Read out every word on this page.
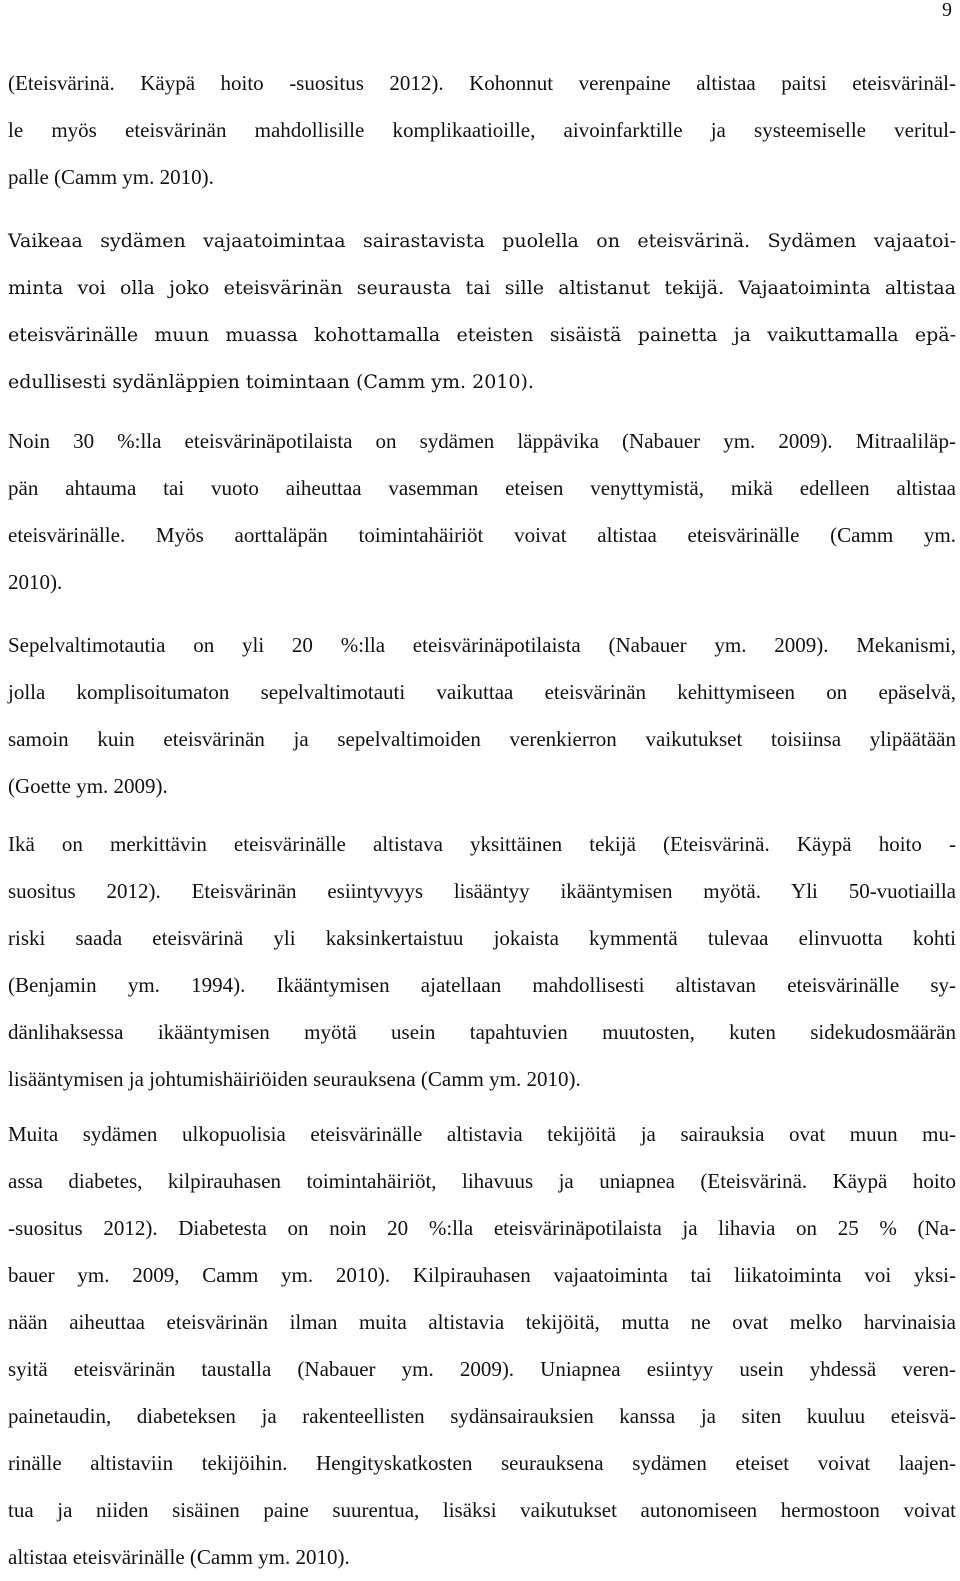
9
(Eteisvärinä. Käypä hoito -suositus 2012). Kohonnut verenpaine altistaa paitsi eteisvärinäl-
le myös eteisvärinän mahdollisille komplikaatioille, aivoinfarktille ja systeemiselle veritul-
palle (Camm ym. 2010).
Vaikeaa sydämen vajaatoimintaa sairastavista puolella on eteisvärinä. Sydämen vajaatoi-
minta voi olla joko eteisvärinän seurausta tai sille altistanut tekijä. Vajaatoiminta altistaa
eteisvärinälle muun muassa kohottamalla eteisten sisäistä painetta ja vaikuttamalla epä-
edullisesti sydänläppien toimintaan (Camm ym. 2010).
Noin 30 %:lla eteisvärinäpotilaista on sydämen läppävika (Nabauer ym. 2009). Mitraaliläp-
pän ahtauma tai vuoto aiheuttaa vasemman eteisen venyttymistä, mikä edelleen altistaa
eteisvärinälle. Myös aorttaläpän toimintahäiriöt voivat altistaa eteisvärinälle (Camm ym.
2010).
Sepelvaltimotautia on yli 20 %:lla eteisvärinäpotilaista (Nabauer ym. 2009). Mekanismi,
jolla komplisoitumaton sepelvaltimotauti vaikuttaa eteisvärinän kehittymiseen on epäselvä,
samoin kuin eteisvärinän ja sepelvaltimoiden verenkierron vaikutukset toisiinsa ylipäätään
(Goette ym. 2009).
Ikä on merkittävin eteisvärinälle altistava yksittäinen tekijä (Eteisvärinä. Käypä hoito -
suositus 2012). Eteisvärinän esiintyvyys lisääntyy ikääntymisen myötä. Yli 50-vuotiailla
riski saada eteisvärinä yli kaksinkertaistuu jokaista kymmentä tulevaa elinvuotta kohti
(Benjamin ym. 1994). Ikääntymisen ajatellaan mahdollisesti altistavan eteisvärinälle sy-
dänlihaksessa ikääntymisen myötä usein tapahtuvien muutosten, kuten sidekudosmäärän
lisääntymisen ja johtumishäiriöiden seurauksena (Camm ym. 2010).
Muita sydämen ulkopuolisia eteisvärinälle altistavia tekijöitä ja sairauksia ovat muun mu-
assa diabetes, kilpirauhasen toimintahäiriöt, lihavuus ja uniapnea (Eteisvärinä. Käypä hoito
-suositus 2012). Diabetesta on noin 20 %:lla eteisvärinäpotilaista ja lihavia on 25 % (Na-
bauer ym. 2009, Camm ym. 2010). Kilpirauhasen vajaatoiminta tai liikatoiminta voi yksi-
nään aiheuttaa eteisvärinän ilman muita altistavia tekijöitä, mutta ne ovat melko harvinaisia
syitä eteisvärinän taustalla (Nabauer ym. 2009). Uniapnea esiintyy usein yhdessä veren-
painetaudin, diabeteksen ja rakenteellisten sydänsairauksien kanssa ja siten kuuluu eteisvä-
rinälle altistaviin tekijöihin. Hengityskatkosten seurauksena sydämen eteiset voivat laajen-
tua ja niiden sisäinen paine suurentua, lisäksi vaikutukset autonomiseen hermostoon voivat
altistaa eteisvärinälle (Camm ym. 2010).
